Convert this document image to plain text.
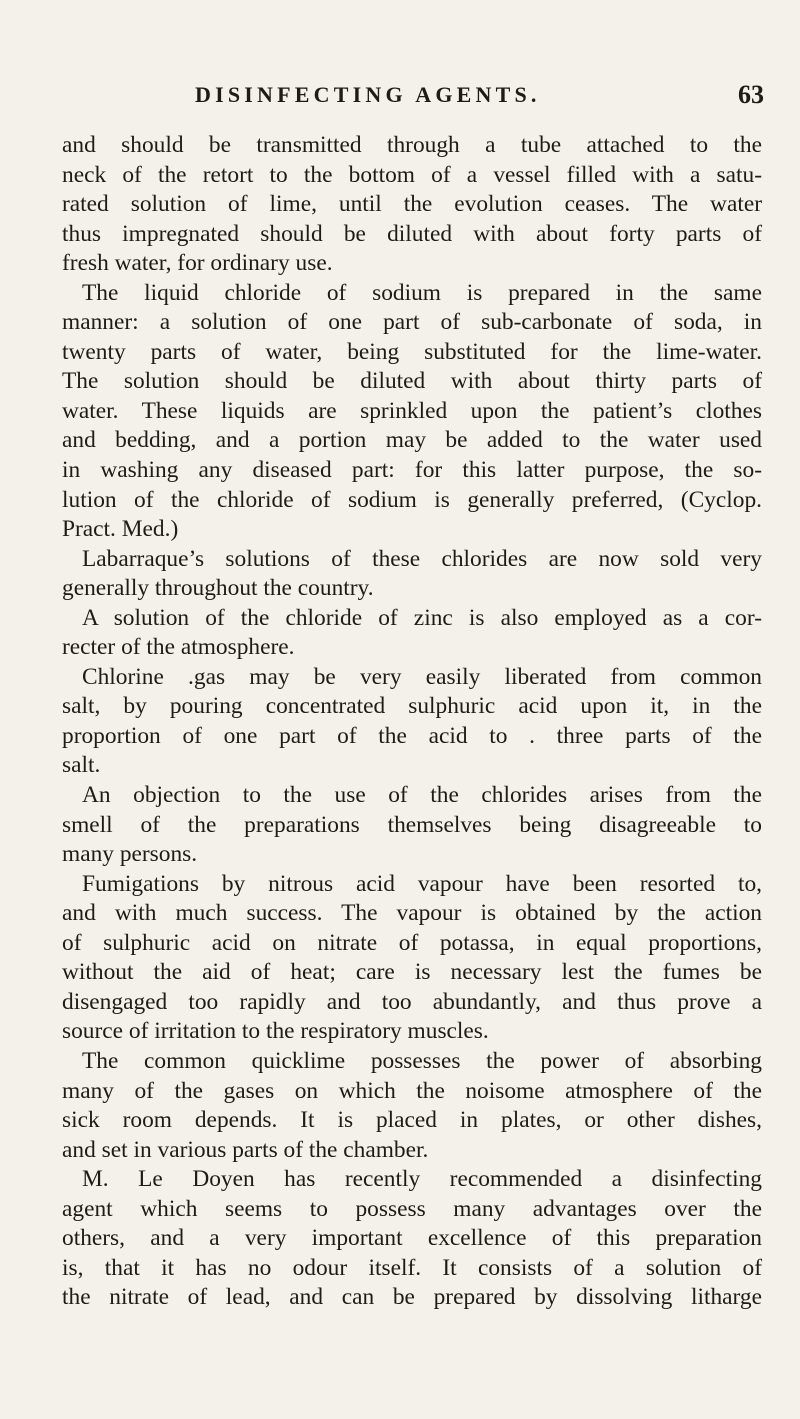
DISINFECTING AGENTS.	63
and should be transmitted through a tube attached to the
neck of the retort to the bottom of a vessel filled with a satu-
rated solution of lime, until the evolution ceases. The water
thus impregnated should be diluted with about forty parts of
fresh water, for ordinary use.
The liquid chloride of sodium is prepared in the same
manner: a solution of one part of sub-carbonate of soda, in
twenty parts of water, being substituted for the lime-water.
The solution should be diluted with about thirty parts of
water. These liquids are sprinkled upon the patient’s clothes
and bedding, and a portion may be added to the water used
in washing any diseased part: for this latter purpose, the so-
lution of the chloride of sodium is generally preferred, (Cyclop.
Pract. Med.)
Labarraque’s solutions of these chlorides are now sold very
generally throughout the country.
A solution of the chloride of zinc is also employed as a cor-
recter of the atmosphere.
Chlorine .gas may be very easily liberated from common
salt, by pouring concentrated sulphuric acid upon it, in the
proportion of one part of the acid to . three parts of the
salt.
An objection to the use of the chlorides arises from the
smell of the preparations themselves being disagreeable to
many persons.
Fumigations by nitrous acid vapour have been resorted to,
and with much success. The vapour is obtained by the action
of sulphuric acid on nitrate of potassa, in equal proportions,
without the aid of heat; care is necessary lest the fumes be
disengaged too rapidly and too abundantly, and thus prove a
source of irritation to the respiratory muscles.
The common quicklime possesses the power of absorbing
many of the gases on which the noisome atmosphere of the
sick room depends. It is placed in plates, or other dishes,
and set in various parts of the chamber.
M. Le Doyen has recently recommended a disinfecting
agent which seems to possess many advantages over the
others, and a very important excellence of this preparation
is, that it has no odour itself. It consists of a solution of
the nitrate of lead, and can be prepared by dissolving litharge
